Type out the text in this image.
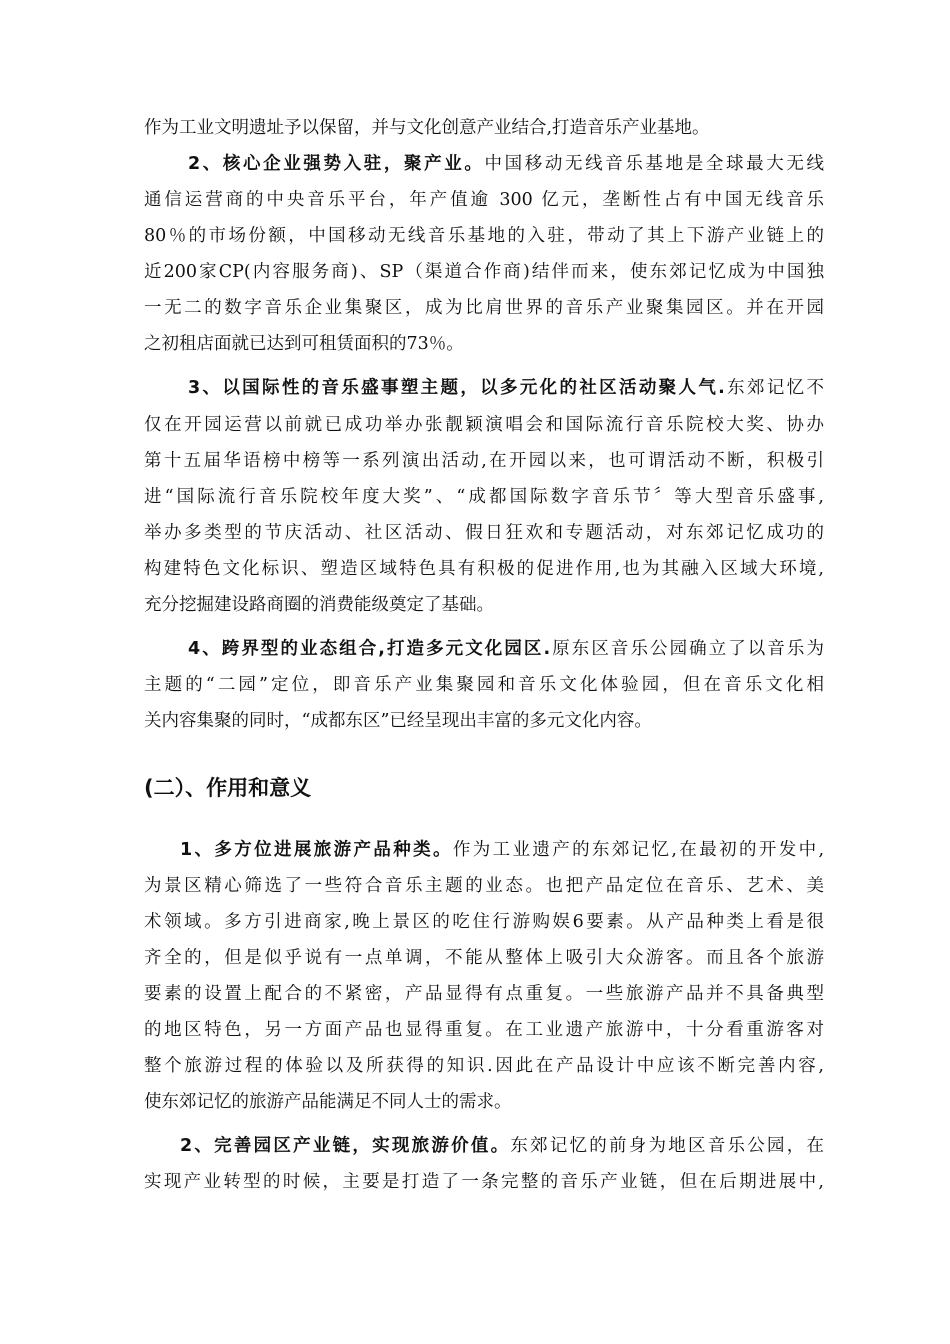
作为工业文明遗址予以保留，并与文化创意产业结合,打造音乐产业基地。
2、核心企业强势入驻，聚产业。中国移动无线音乐基地是全球最大无线
通信运营商的中央音乐平台，年产值逾 300 亿元，垄断性占有中国无线音乐
80％的市场份额，中国移动无线音乐基地的入驻，带动了其上下游产业链上的
近200家CP(内容服务商)、SP（渠道合作商)结伴而来，使东郊记忆成为中国独
一无二的数字音乐企业集聚区，成为比肩世界的音乐产业聚集园区。并在开园
之初租店面就已达到可租赁面积的73％。
3、以国际性的音乐盛事塑主题，以多元化的社区活动聚人气.东郊记忆不
仅在开园运营以前就已成功举办张靓颖演唱会和国际流行音乐院校大奖、协办
第十五届华语榜中榜等一系列演出活动,在开园以来，也可谓活动不断，积极引
进“国际流行音乐院校年度大奖”、“成都国际数字音乐节〞等大型音乐盛事,
举办多类型的节庆活动、社区活动、假日狂欢和专题活动，对东郊记忆成功的
构建特色文化标识、塑造区域特色具有积极的促进作用,也为其融入区域大环境,
充分挖掘建设路商圈的消费能级奠定了基础。
4、跨界型的业态组合,打造多元文化园区.原东区音乐公园确立了以音乐为
主题的“二园”定位，即音乐产业集聚园和音乐文化体验园，但在音乐文化相
关内容集聚的同时，“成都东区”已经呈现出丰富的多元文化内容。
(二）、作用和意义
1、多方位进展旅游产品种类。作为工业遗产的东郊记忆,在最初的开发中,
为景区精心筛选了一些符合音乐主题的业态。也把产品定位在音乐、艺术、美
术领域。多方引进商家,晚上景区的吃住行游购娱6要素。从产品种类上看是很
齐全的，但是似乎说有一点单调，不能从整体上吸引大众游客。而且各个旅游
要素的设置上配合的不紧密，产品显得有点重复。一些旅游产品并不具备典型
的地区特色，另一方面产品也显得重复。在工业遗产旅游中，十分看重游客对
整个旅游过程的体验以及所获得的知识.因此在产品设计中应该不断完善内容,
使东郊记忆的旅游产品能满足不同人士的需求。
2、完善园区产业链，实现旅游价值。东郊记忆的前身为地区音乐公园，在
实现产业转型的时候，主要是打造了一条完整的音乐产业链，但在后期进展中,
